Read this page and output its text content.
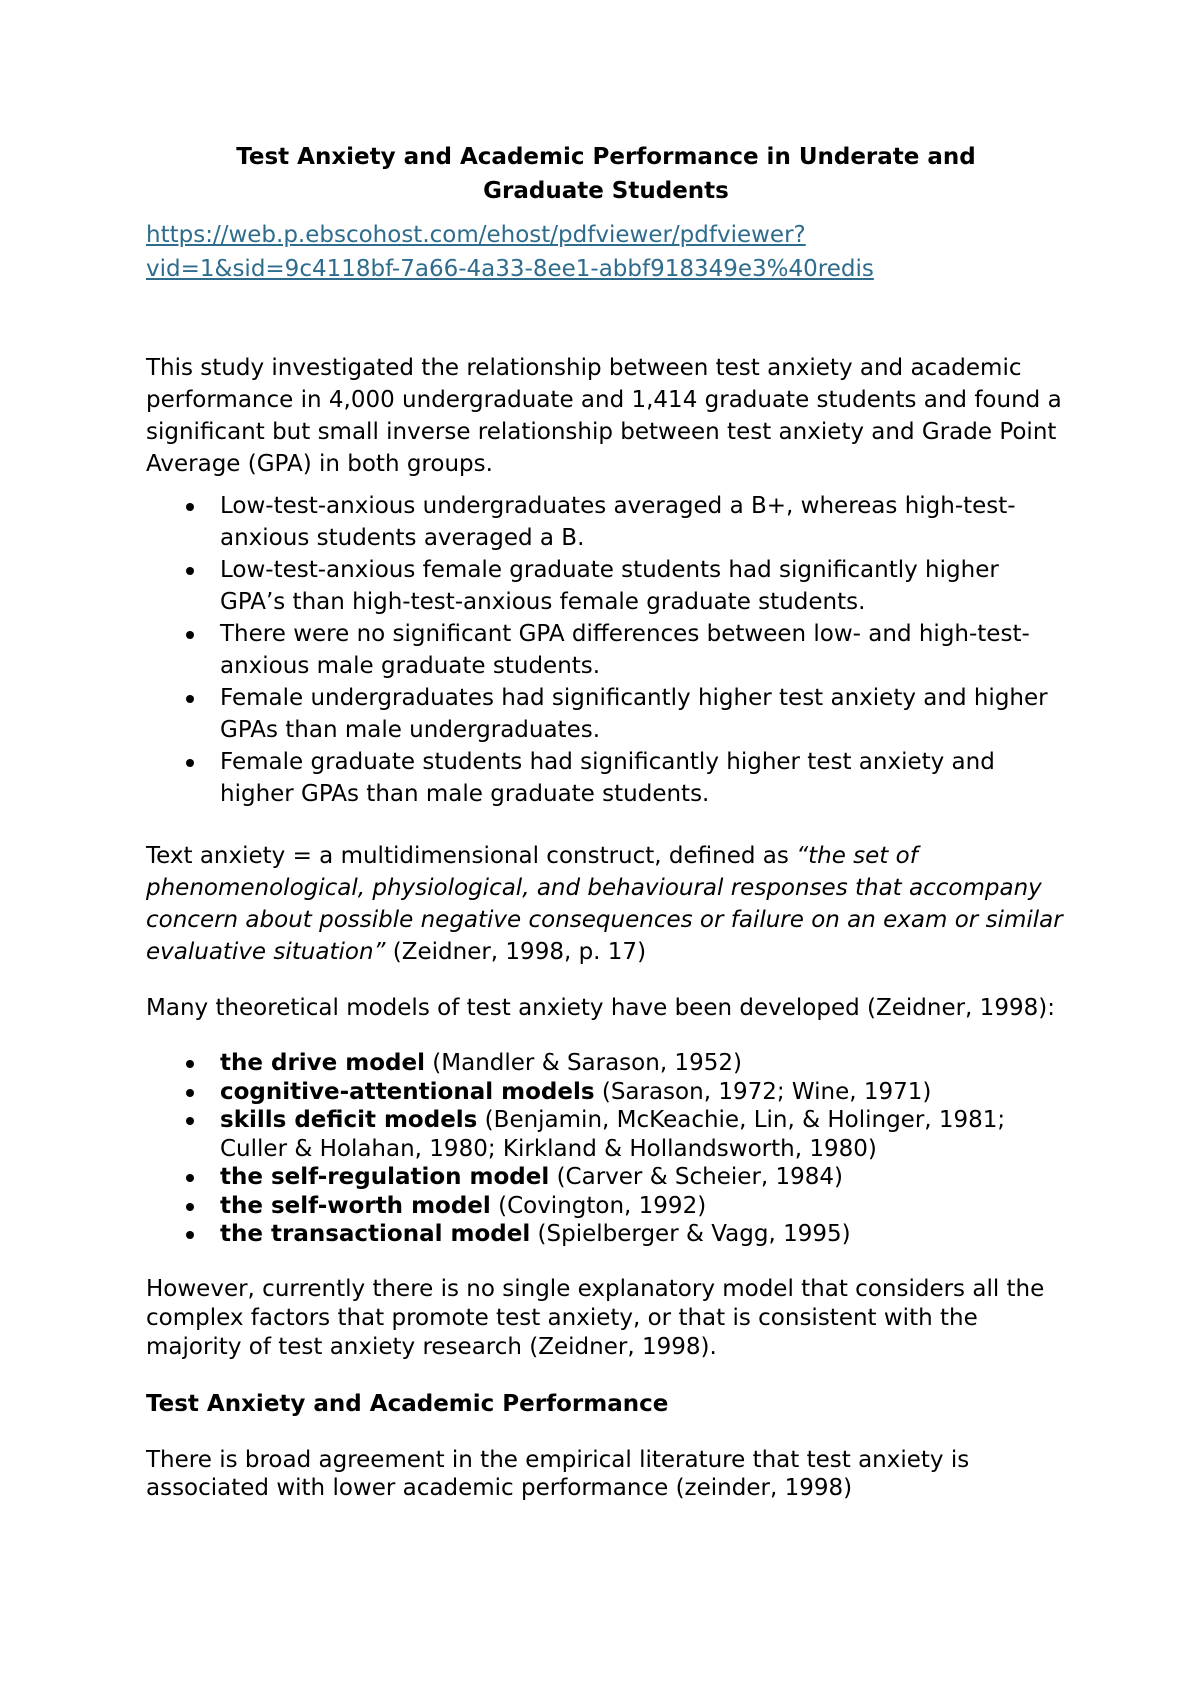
Test Anxiety and Academic Performance in Underate and
Graduate Students
https://web.p.ebscohost.com/ehost/pdfviewer/pdfviewer?
vid=1&sid=9c4118bf-7a66-4a33-8ee1-abbf918349e3%40redis

This study investigated the relationship between test anxiety and academic performance in 4,000 undergraduate and 1,414 graduate students and found a significant but small inverse relationship between test anxiety and Grade Point Average (GPA) in both groups.

Low-test-anxious undergraduates averaged a B+, whereas high-test-anxious students averaged a B.
Low-test-anxious female graduate students had significantly higher GPA’s than high-test-anxious female graduate students.
There were no significant GPA differences between low- and high-test-anxious male graduate students.
Female undergraduates had significantly higher test anxiety and higher GPAs than male undergraduates.
Female graduate students had significantly higher test anxiety and higher GPAs than male graduate students.

Text anxiety = a multidimensional construct, defined as “the set of phenomenological, physiological, and behavioural responses that accompany concern about possible negative consequences or failure on an exam or similar evaluative situation” (Zeidner, 1998, p. 17)

Many theoretical models of test anxiety have been developed (Zeidner, 1998):

the drive model (Mandler & Sarason, 1952)
cognitive-attentional models (Sarason, 1972; Wine, 1971)
skills deficit models (Benjamin, McKeachie, Lin, & Holinger, 1981; Culler & Holahan, 1980; Kirkland & Hollandsworth, 1980)
the self-regulation model (Carver & Scheier, 1984)
the self-worth model (Covington, 1992)
the transactional model (Spielberger & Vagg, 1995)

However, currently there is no single explanatory model that considers all the complex factors that promote test anxiety, or that is consistent with the majority of test anxiety research (Zeidner, 1998).

Test Anxiety and Academic Performance

There is broad agreement in the empirical literature that test anxiety is associated with lower academic performance (zeinder, 1998)
